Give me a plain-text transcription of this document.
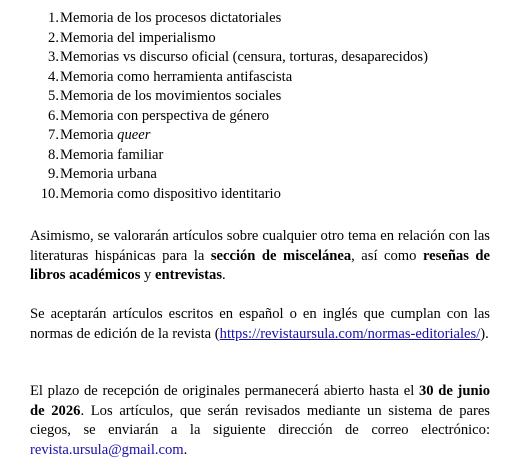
1. Memoria de los procesos dictatoriales
2. Memoria del imperialismo
3. Memorias vs discurso oficial (censura, torturas, desaparecidos)
4. Memoria como herramienta antifascista
5. Memoria de los movimientos sociales
6. Memoria con perspectiva de género
7. Memoria queer
8. Memoria familiar
9. Memoria urbana
10. Memoria como dispositivo identitario

Asimismo, se valorarán artículos sobre cualquier otro tema en relación con las literaturas hispánicas para la sección de miscelánea, así como reseñas de libros académicos y entrevistas.

Se aceptarán artículos escritos en español o en inglés que cumplan con las normas de edición de la revista (https://revistaursula.com/normas-editoriales/).

El plazo de recepción de originales permanecerá abierto hasta el 30 de junio de 2026. Los artículos, que serán revisados mediante un sistema de pares ciegos, se enviarán a la siguiente dirección de correo electrónico: revista.ursula@gmail.com.
